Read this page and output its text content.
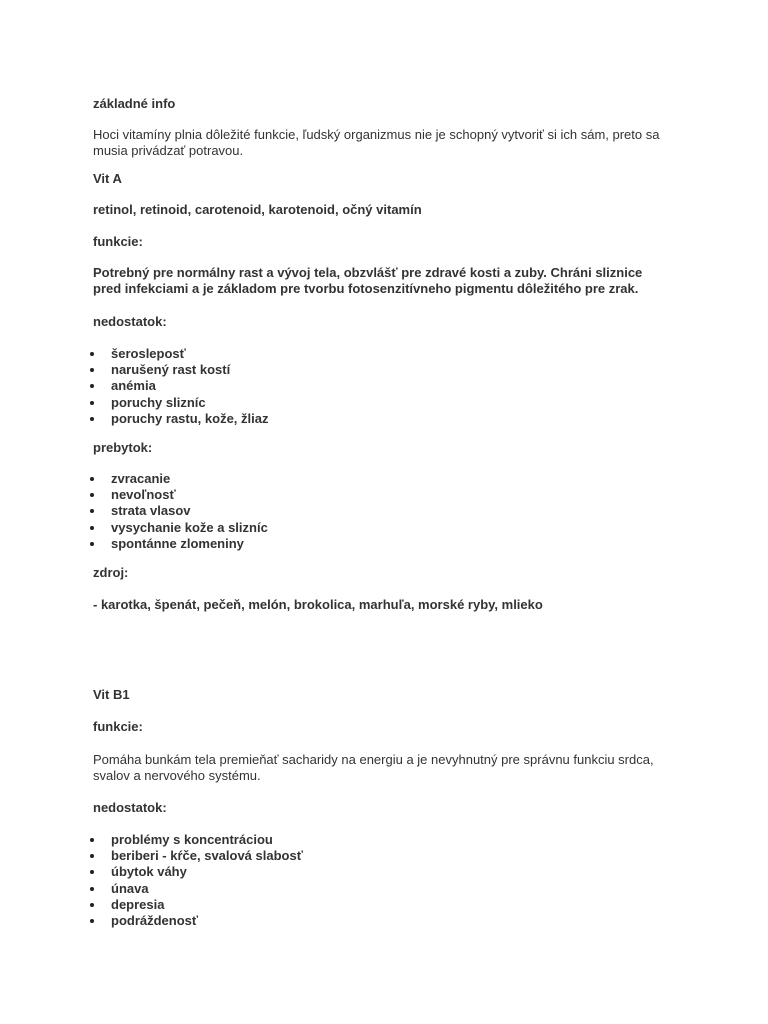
základné info

Hoci vitamíny plnia dôležité funkcie, ľudský organizmus nie je schopný vytvoriť si ich sám, preto sa musia privádzať potravou.

Vit A

retinol, retinoid, carotenoid, karotenoid, očný vitamín

funkcie:

Potrebný pre normálny rast a vývoj tela, obzvlášť pre zdravé kosti a zuby. Chráni sliznice pred infekciami a je základom pre tvorbu fotosenzitívneho pigmentu dôležitého pre zrak.

nedostatok:

šerosleposť
narušený rast kostí
anémia
poruchy slizníc
poruchy rastu, kože, žliaz

prebytok:

zvracanie
nevoľnosť
strata vlasov
vysychanie kože a slizníc
spontánne zlomeniny

zdroj:

- karotka, špenát, pečeň, melón, brokolica, marhuľa, morské ryby, mlieko

Vit B1

funkcie:

Pomáha bunkám tela premieňať sacharidy na energiu a je nevyhnutný pre správnu funkciu srdca, svalov a nervového systému.

nedostatok:

problémy s koncentráciou
beriberi - kŕče, svalová slabosť
úbytok váhy
únava
depresia
podráždenosť
